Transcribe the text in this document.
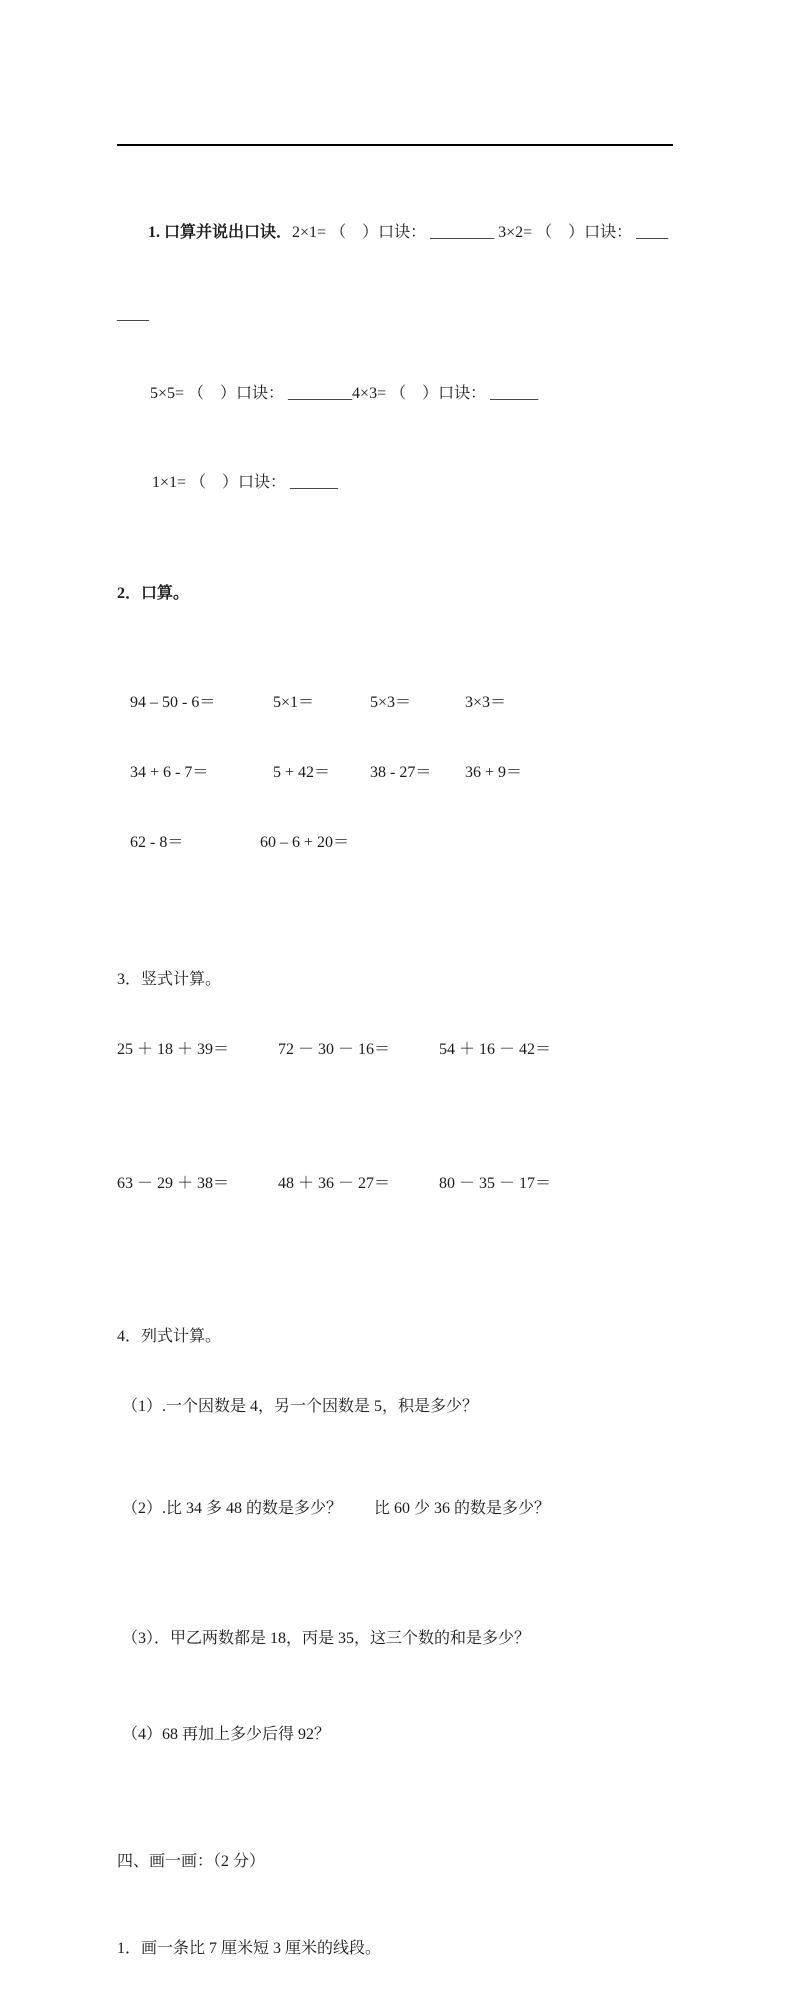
1. 口算并说出口诀．2×1= （　）口诀： ________ 3×2= （　）口诀： ____

____

5×5= （　）口诀： ________4×3= （　）口诀： ______

1×1= （　）口诀： ______

2．口算。

94 – 50 - 6＝	5×1＝	5×3＝	3×3＝

34 + 6 - 7＝	5 + 42＝	38 - 27＝	36 + 9＝

62 - 8＝	60 – 6 + 20＝

3．竖式计算。

25 ＋ 18 ＋ 39＝	72 － 30 － 16＝	54 ＋ 16 － 42＝

63 － 29 ＋ 38＝	48 ＋ 36 － 27＝	80 － 35 － 17＝

4．列式计算。

（1）.一个因数是 4，另一个因数是 5，积是多少？

（2）.比 34 多 48 的数是多少？　　比 60 少 36 的数是多少？

（3）．甲乙两数都是 18，丙是 35，这三个数的和是多少？

（4）68 再加上多少后得 92？

四、画一画：（2 分）

1．画一条比 7 厘米短 3 厘米的线段。
